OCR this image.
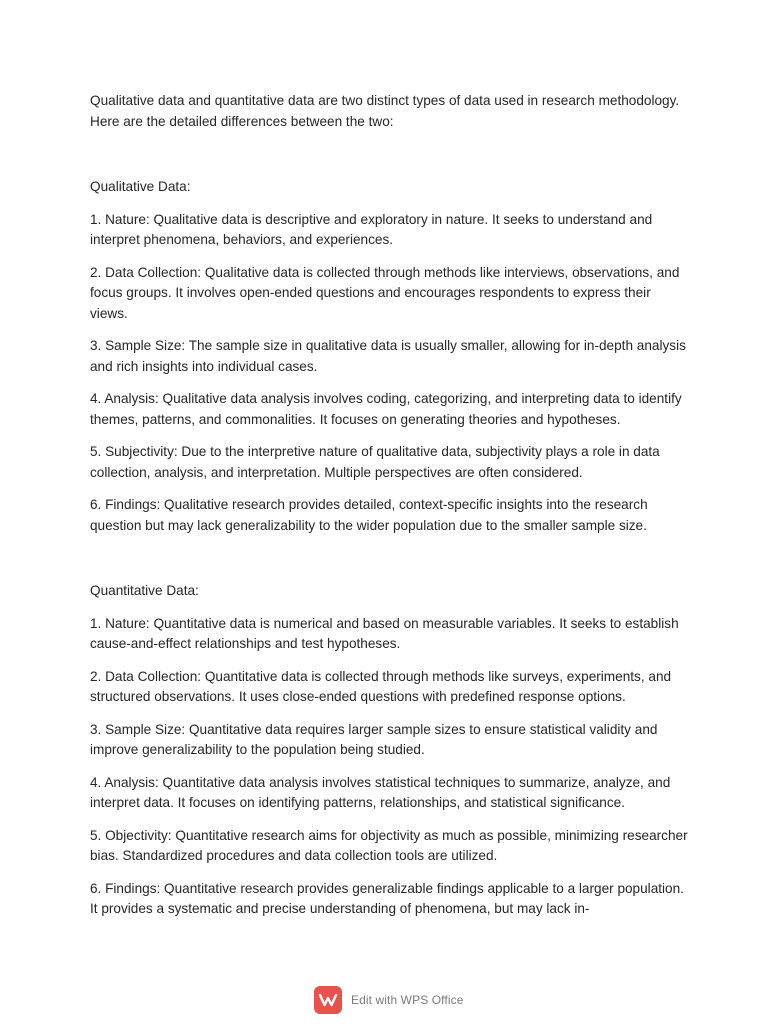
Qualitative data and quantitative data are two distinct types of data used in research methodology. Here are the detailed differences between the two:

Qualitative Data:

1. Nature: Qualitative data is descriptive and exploratory in nature. It seeks to understand and interpret phenomena, behaviors, and experiences.

2. Data Collection: Qualitative data is collected through methods like interviews, observations, and focus groups. It involves open-ended questions and encourages respondents to express their views.

3. Sample Size: The sample size in qualitative data is usually smaller, allowing for in-depth analysis and rich insights into individual cases.

4. Analysis: Qualitative data analysis involves coding, categorizing, and interpreting data to identify themes, patterns, and commonalities. It focuses on generating theories and hypotheses.

5. Subjectivity: Due to the interpretive nature of qualitative data, subjectivity plays a role in data collection, analysis, and interpretation. Multiple perspectives are often considered.

6. Findings: Qualitative research provides detailed, context-specific insights into the research question but may lack generalizability to the wider population due to the smaller sample size.

Quantitative Data:

1. Nature: Quantitative data is numerical and based on measurable variables. It seeks to establish cause-and-effect relationships and test hypotheses.

2. Data Collection: Quantitative data is collected through methods like surveys, experiments, and structured observations. It uses close-ended questions with predefined response options.

3. Sample Size: Quantitative data requires larger sample sizes to ensure statistical validity and improve generalizability to the population being studied.

4. Analysis: Quantitative data analysis involves statistical techniques to summarize, analyze, and interpret data. It focuses on identifying patterns, relationships, and statistical significance.

5. Objectivity: Quantitative research aims for objectivity as much as possible, minimizing researcher bias. Standardized procedures and data collection tools are utilized.

6. Findings: Quantitative research provides generalizable findings applicable to a larger population. It provides a systematic and precise understanding of phenomena, but may lack in-

Edit with WPS Office
